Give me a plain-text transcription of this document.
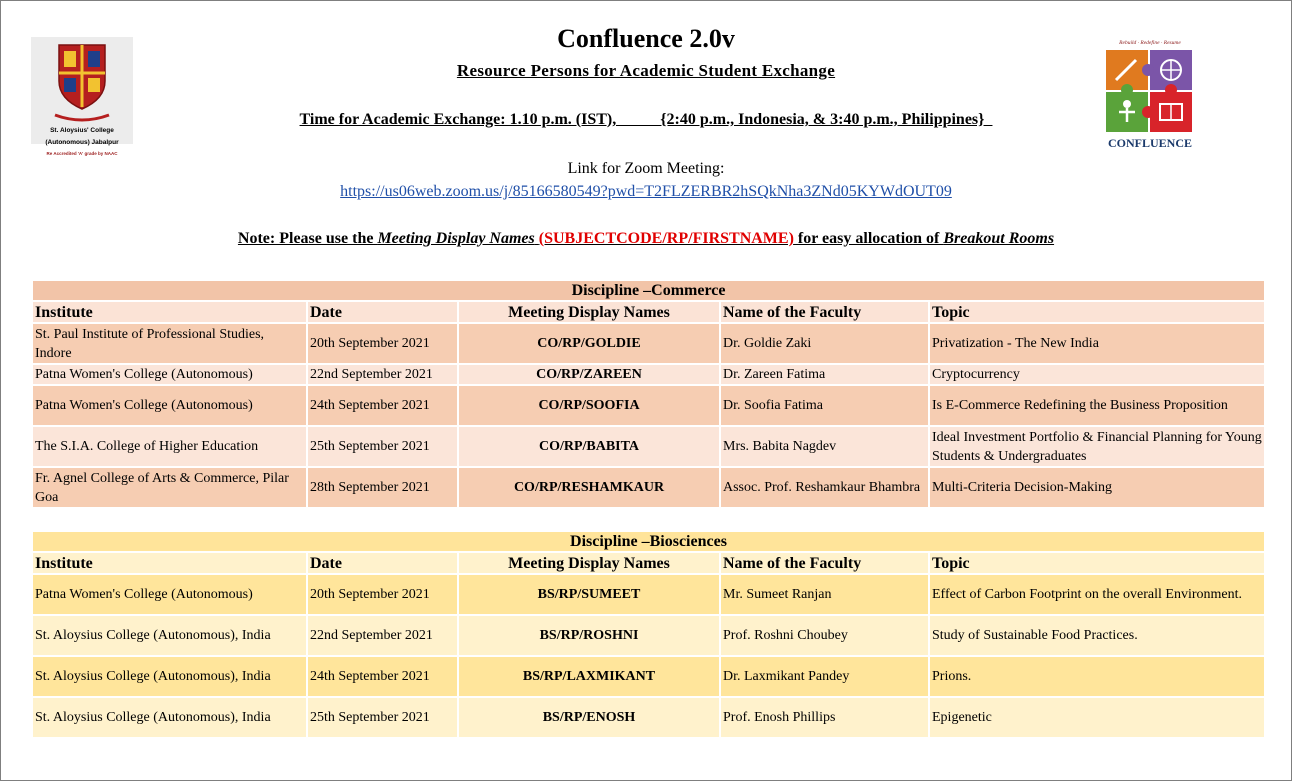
St. Aloysius' College
(Autonomous) Jabalpur
Re Accredited 'A' grade by NAAC
Rebuild · Redefine · Resume
CONFLUENCE
Confluence 2.0v
Resource Persons for Academic Student Exchange
Time for Academic Exchange: 1.10 p.m. (IST),           {2:40 p.m., Indonesia, & 3:40 p.m., Philippines}
Link for Zoom Meeting:
https://us06web.zoom.us/j/85166580549?pwd=T2FLZERBR2hSQkNha3ZNd05KYWdOUT09
Note: Please use the Meeting Display Names (SUBJECTCODE/RP/FIRSTNAME) for easy allocation of Breakout Rooms
Discipline –Commerce				
Institute	Date	Meeting Display Names	Name of the Faculty	Topic
St. Paul Institute of Professional Studies, Indore	20th September 2021	CO/RP/GOLDIE	Dr. Goldie Zaki	Privatization - The New India
Patna Women's College (Autonomous)	22nd September 2021	CO/RP/ZAREEN	Dr. Zareen Fatima	Cryptocurrency
Patna Women's College (Autonomous)	24th September 2021	CO/RP/SOOFIA	Dr. Soofia Fatima	Is E-Commerce Redefining the Business Proposition
The S.I.A. College of Higher Education	25th September 2021	CO/RP/BABITA	Mrs. Babita Nagdev	Ideal Investment Portfolio & Financial Planning for Young Students & Undergraduates
Fr. Agnel College of Arts & Commerce, Pilar Goa	28th September 2021	CO/RP/RESHAMKAUR	Assoc. Prof. Reshamkaur Bhambra	Multi-Criteria Decision-Making
Discipline –Biosciences				
Institute	Date	Meeting Display Names	Name of the Faculty	Topic
Patna Women's College (Autonomous)	20th September 2021	BS/RP/SUMEET	Mr. Sumeet Ranjan	Effect of Carbon Footprint on the overall Environment.
St. Aloysius College (Autonomous), India	22nd September 2021	BS/RP/ROSHNI	Prof. Roshni Choubey	Study of Sustainable Food Practices.
St. Aloysius College (Autonomous), India	24th September 2021	BS/RP/LAXMIKANT	Dr. Laxmikant Pandey	Prions.
St. Aloysius College (Autonomous), India	25th September 2021	BS/RP/ENOSH	Prof. Enosh Phillips	Epigenetic
